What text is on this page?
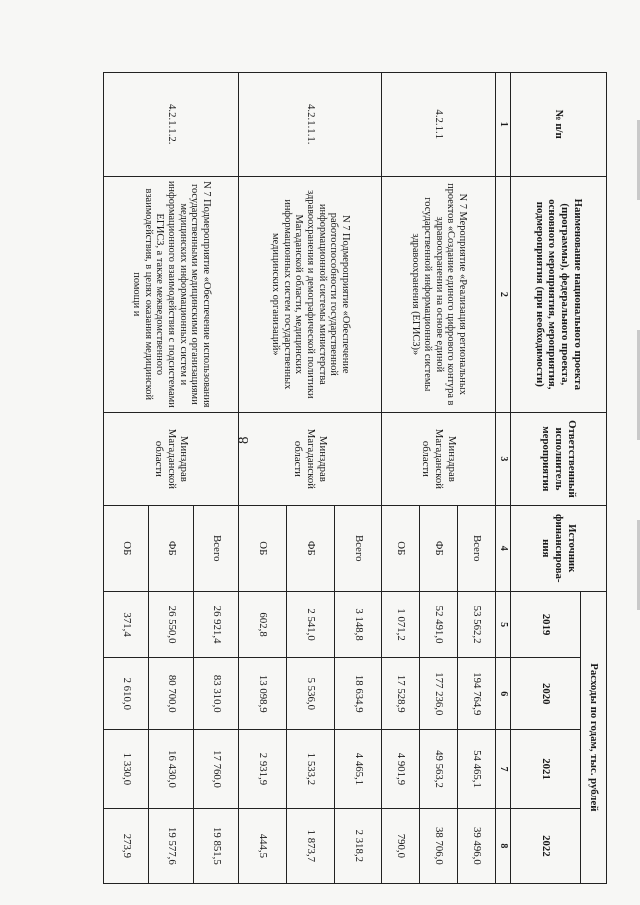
8
№ п/п	Наименование национального проекта (программы), федерального проекта, основного мероприятия, мероприятия, подмероприятия (при необходимости)	Ответственный исполнитель мероприятия	Источник финансирова-ния	Расходы по годам, тыс. рублей			
				2019	2020	2021	2022
1	2	3	4	5	6	7	8
4.2.1.1	N 7 Мероприятие «Реализация региональных проектов «Создание единого цифрового контура в здравоохранении на основе единой государственной информационной системы здравоохранения (ЕГИСЗ)»	Минздрав Магаданской области	Всего	53 562,2	194 764,9	54 465,1	39 496,0
			ФБ	52 491,0	177 236,0	49 563,2	38 706,0
			ОБ	1 071,2	17 528,9	4 901,9	790,0
4.2.1.1.1.	N 7 Подмероприятие «Обеспечение работоспособности государственной информационной системы министерства здравоохранения и демографической политики Магаданской области, медицинских информационных систем государственных медицинских организаций»	Минздрав Магаданской области	Всего	3 148,8	18 634,9	4 465,1	2 318,2
			ФБ	2 541,0	5 536,0	1 533,2	1 873,7
			ОБ	602,8	13 098,9	2 931,9	444,5
4.2.1.1.2.	N 7 Подмероприятие «Обеспечение использования государственными медицинскими организациями медицинских информационных систем и информационного взаимодействия с подсистемами ЕГИСЗ, а также межведомственного взаимодействия, в целях оказания медицинской помощи и	Минздрав Магаданской области	Всего	26 921,4	83 310,0	17 760,0	19 851,5
			ФБ	26 550,0	80 700,0	16 430,0	19 577,6
			ОБ	371,4	2 610,0	1 330,0	273,9
